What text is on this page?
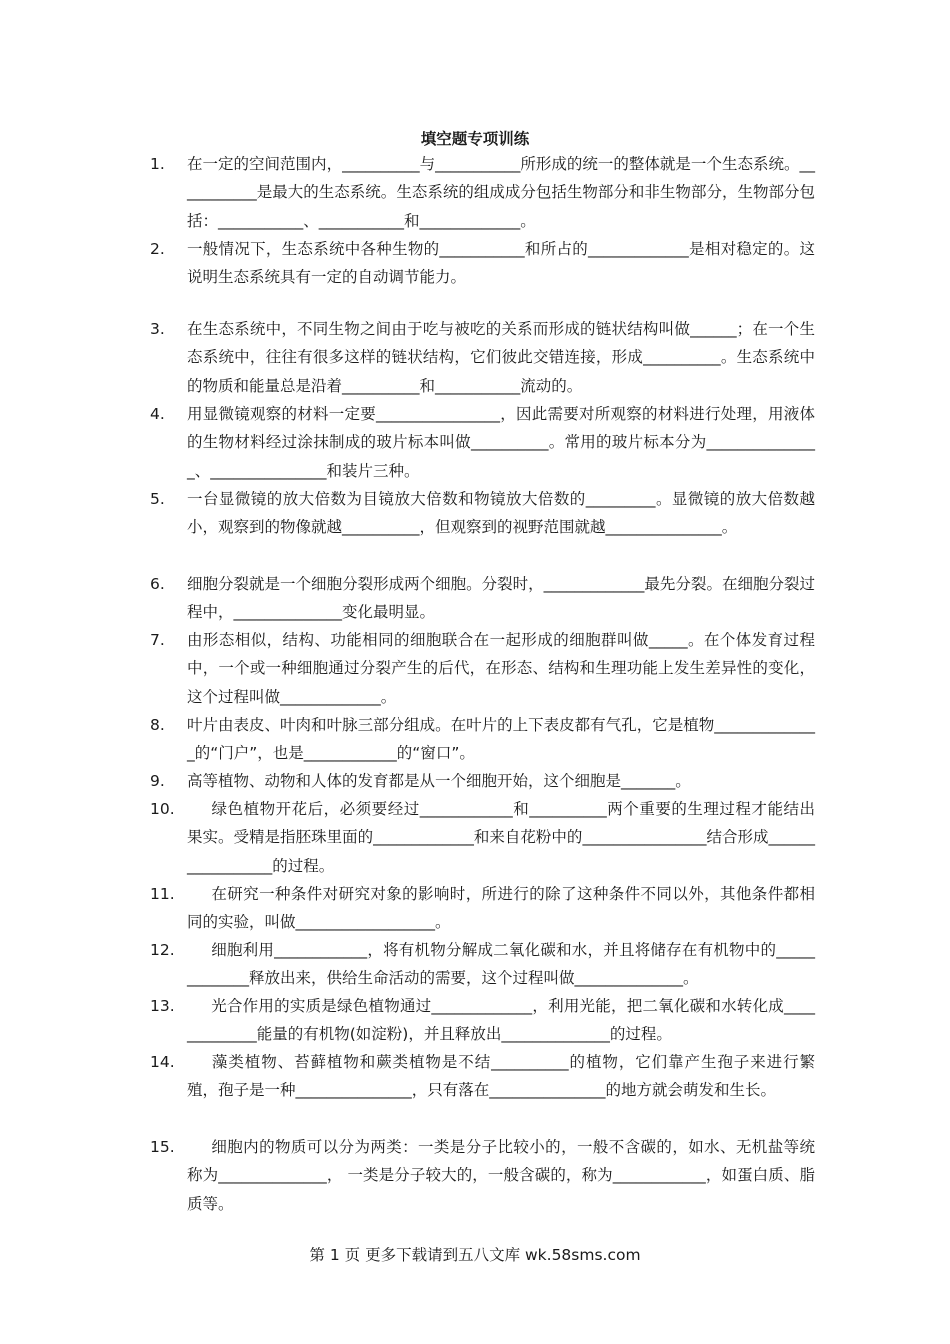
填空题专项训练
1.	在一定的空间范围内，__________与___________所形成的统一的整体就是一个生态系统。___________是最大的生态系统。生态系统的组成成分包括生物部分和非生物部分，生物部分包括：___________、___________和_____________。
2.	一般情况下，生态系统中各种生物的___________和所占的_____________是相对稳定的。这说明生态系统具有一定的自动调节能力。
3.	在生态系统中，不同生物之间由于吃与被吃的关系而形成的链状结构叫做______；在一个生态系统中，往往有很多这样的链状结构，它们彼此交错连接，形成__________。生态系统中的物质和能量总是沿着__________和___________流动的。
4.	用显微镜观察的材料一定要________________，因此需要对所观察的材料进行处理，用液体的生物材料经过涂抹制成的玻片标本叫做__________。常用的玻片标本分为_______________、_______________和装片三种。
5.	一台显微镜的放大倍数为目镜放大倍数和物镜放大倍数的_________。显微镜的放大倍数越小，观察到的物像就越__________，但观察到的视野范围就越_______________。
6.	细胞分裂就是一个细胞分裂形成两个细胞。分裂时，_____________最先分裂。在细胞分裂过程中，______________变化最明显。
7.	由形态相似，结构、功能相同的细胞联合在一起形成的细胞群叫做_____。在个体发育过程中，一个或一种细胞通过分裂产生的后代，在形态、结构和生理功能上发生差异性的变化，这个过程叫做_____________。
8.	叶片由表皮、叶肉和叶脉三部分组成。在叶片的上下表皮都有气孔，它是植物______________的“门户”，也是____________的“窗口”。
9.	高等植物、动物和人体的发育都是从一个细胞开始，这个细胞是_______。
10.	绿色植物开花后，必须要经过____________和__________两个重要的生理过程才能结出果实。受精是指胚珠里面的_____________和来自花粉中的________________结合形成_________________的过程。
11.	在研究一种条件对研究对象的影响时，所进行的除了这种条件不同以外，其他条件都相同的实验，叫做__________________。
12.	细胞利用____________，将有机物分解成二氧化碳和水，并且将储存在有机物中的_____________释放出来，供给生命活动的需要，这个过程叫做______________。
13.	光合作用的实质是绿色植物通过_____________，利用光能，把二氧化碳和水转化成_____________能量的有机物(如淀粉)，并且释放出______________的过程。
14.	藻类植物、苔藓植物和蕨类植物是不结__________的植物，它们靠产生孢子来进行繁殖，孢子是一种_______________，只有落在_______________的地方就会萌发和生长。
15.	细胞内的物质可以分为两类：一类是分子比较小的，一般不含碳的，如水、无机盐等统称为______________， 一类是分子较大的，一般含碳的，称为____________，如蛋白质、脂质等。
第 1 页 更多下载请到五八文库 wk.58sms.com
